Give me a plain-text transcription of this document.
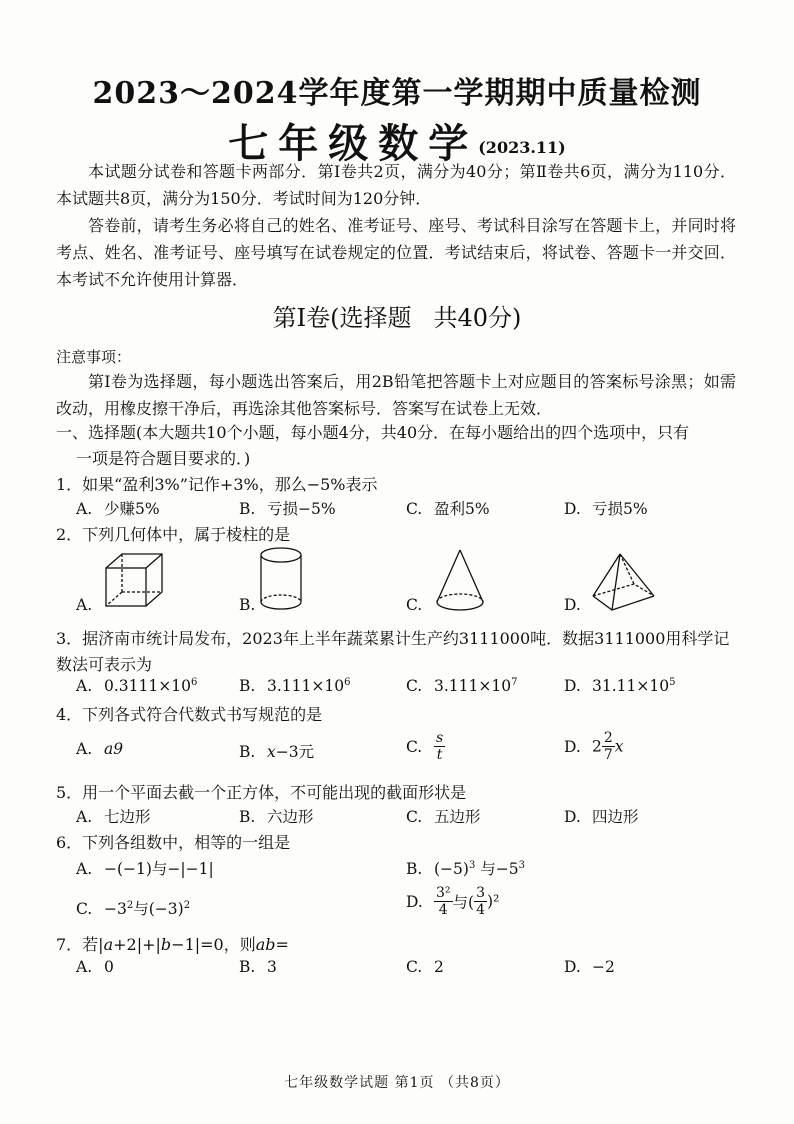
2023～2024学年度第一学期期中质量检测
七年级数学(2023.11)
本试题分试卷和答题卡两部分．第Ⅰ卷共2页，满分为40分；第Ⅱ卷共6页，满分为110分．本试题共8页，满分为150分．考试时间为120分钟．
答卷前，请考生务必将自己的姓名、准考证号、座号、考试科目涂写在答题卡上，并同时将考点、姓名、准考证号、座号填写在试卷规定的位置．考试结束后，将试卷、答题卡一并交回．本考试不允许使用计算器．
第Ⅰ卷(选择题 共40分)
注意事项：
第Ⅰ卷为选择题，每小题选出答案后，用2B铅笔把答题卡上对应题目的答案标号涂黑；如需改动，用橡皮擦干净后，再选涂其他答案标号．答案写在试卷上无效．
一、选择题(本大题共10个小题，每小题4分，共40分．在每小题给出的四个选项中，只有
一项是符合题目要求的．)
1．如果“盈利3%”记作+3%，那么−5%表示
A. 少赚5%	B. 亏损−5%	C. 盈利5%	D. 亏损5%
2．下列几何体中，属于棱柱的是
A.	B.	C.	D.
3．据济南市统计局发布，2023年上半年蔬菜累计生产约3111000吨．数据3111000用科学记
数法可表示为
A. $0.3111\times 10^6$	B. $3.111\times 10^6$	C. $3.111\times 10^7$	D. $31.11\times 10^5$
4．下列各式符合代数式书写规范的是
A. a9	B. x−3元	C. $\frac{s}{t}$	D. $2 \frac{2}{7}$ x
5．用一个平面去截一个正方体，不可能出现的截面形状是
A. 七边形	B. 六边形	C. 五边形	D. 四边形
6．下列各组数中，相等的一组是
A. −(−1)与−|−1|	B. $(-5)^3$ 与$-5^3$
C. $-3^2$与$(-3)^2$	D. $\frac{\text{3²}}{4}$ 与( $\frac{3}{4} )^2$
7．若|a+2|+|b−1|=0，则ab=
A. 0	B. 3	C. 2	D. −2
七年级数学试题 第1页 （共8页）
